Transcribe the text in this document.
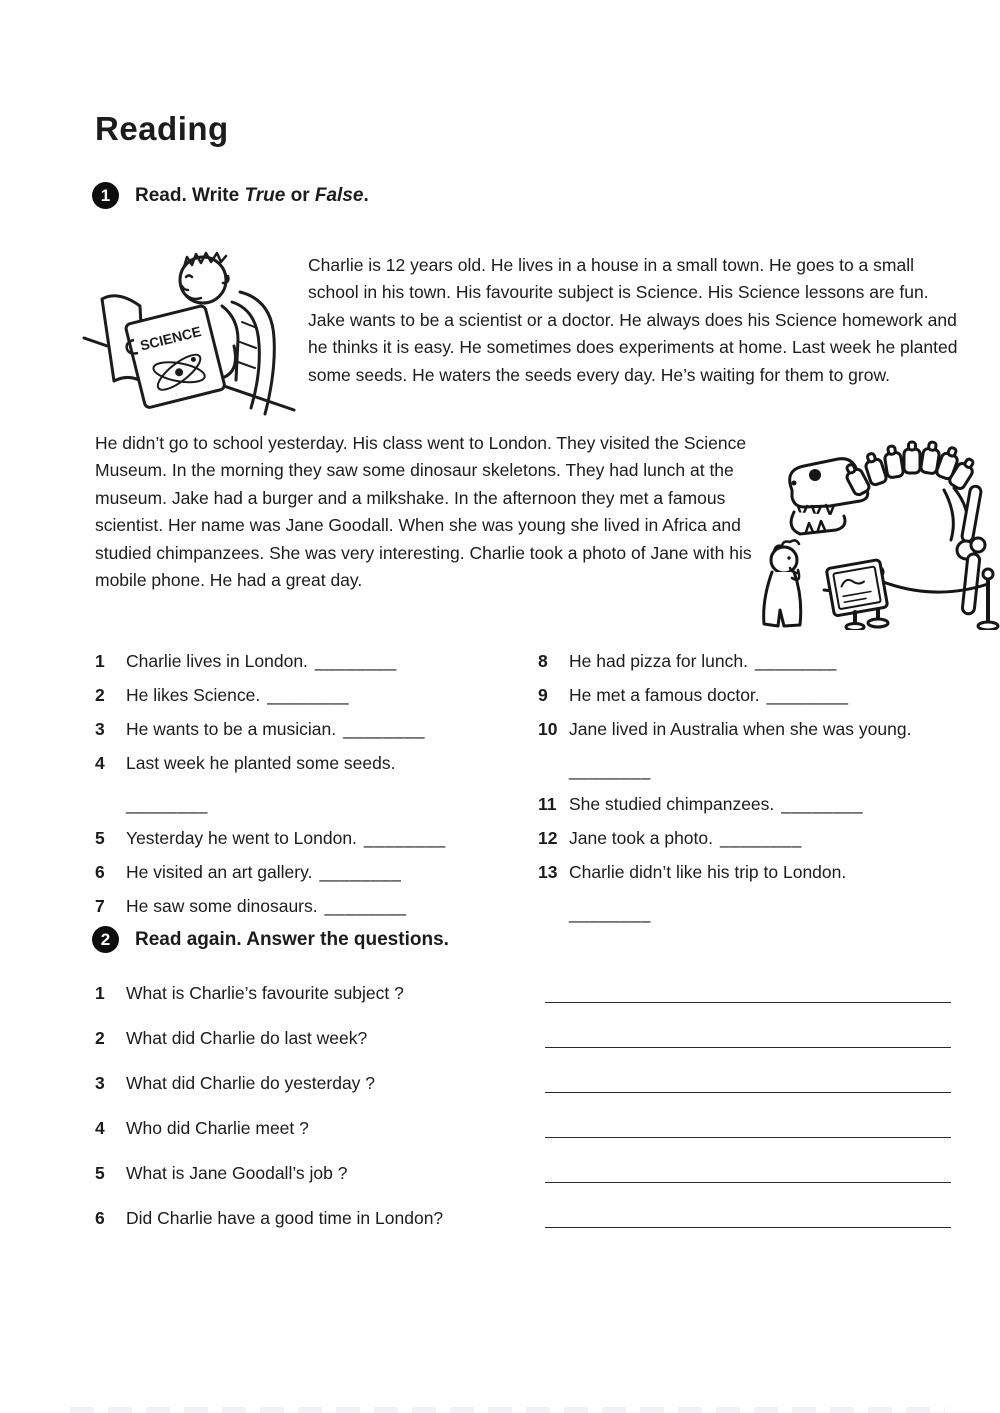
Reading
1	Read. Write True or False.
SCIENCE
Charlie is 12 years old. He lives in a house in a small town. He goes to a small school in his town. His favourite subject is Science. His Science lessons are fun. Jake wants to be a scientist or a doctor. He always does his Science homework and he thinks it is easy. He sometimes does experiments at home. Last week he planted some seeds. He waters the seeds every day. He’s waiting for them to grow.
He didn’t go to school yesterday. His class went to London. They visited the Science Museum. In the morning they saw some dinosaur skeletons. They had lunch at the museum. Jake had a burger and a milkshake. In the afternoon they met a famous scientist. Her name was Jane Goodall. When she was young she lived in Africa and studied chimpanzees. She was very interesting. Charlie took a photo of Jane with his mobile phone. He had a great day.
1	Charlie lives in London. ________
2	He likes Science. ________
3	He wants to be a musician. ________
4	Last week he planted some seeds.
________
5	Yesterday he went to London. ________
6	He visited an art gallery. ________
7	He saw some dinosaurs. ________
8	He had pizza for lunch. ________
9	He met a famous doctor. ________
10 Jane lived in Australia when she was young.
________
11 She studied chimpanzees. ________
12 Jane took a photo. ________
13 Charlie didn’t like his trip to London.
________
2	Read again. Answer the questions.
1 What is Charlie’s favourite subject ?
2 What did Charlie do last week?
3 What did Charlie do yesterday ?
4 Who did Charlie meet ?
5 What is Jane Goodall’s job ?
6 Did Charlie have a good time in London?
